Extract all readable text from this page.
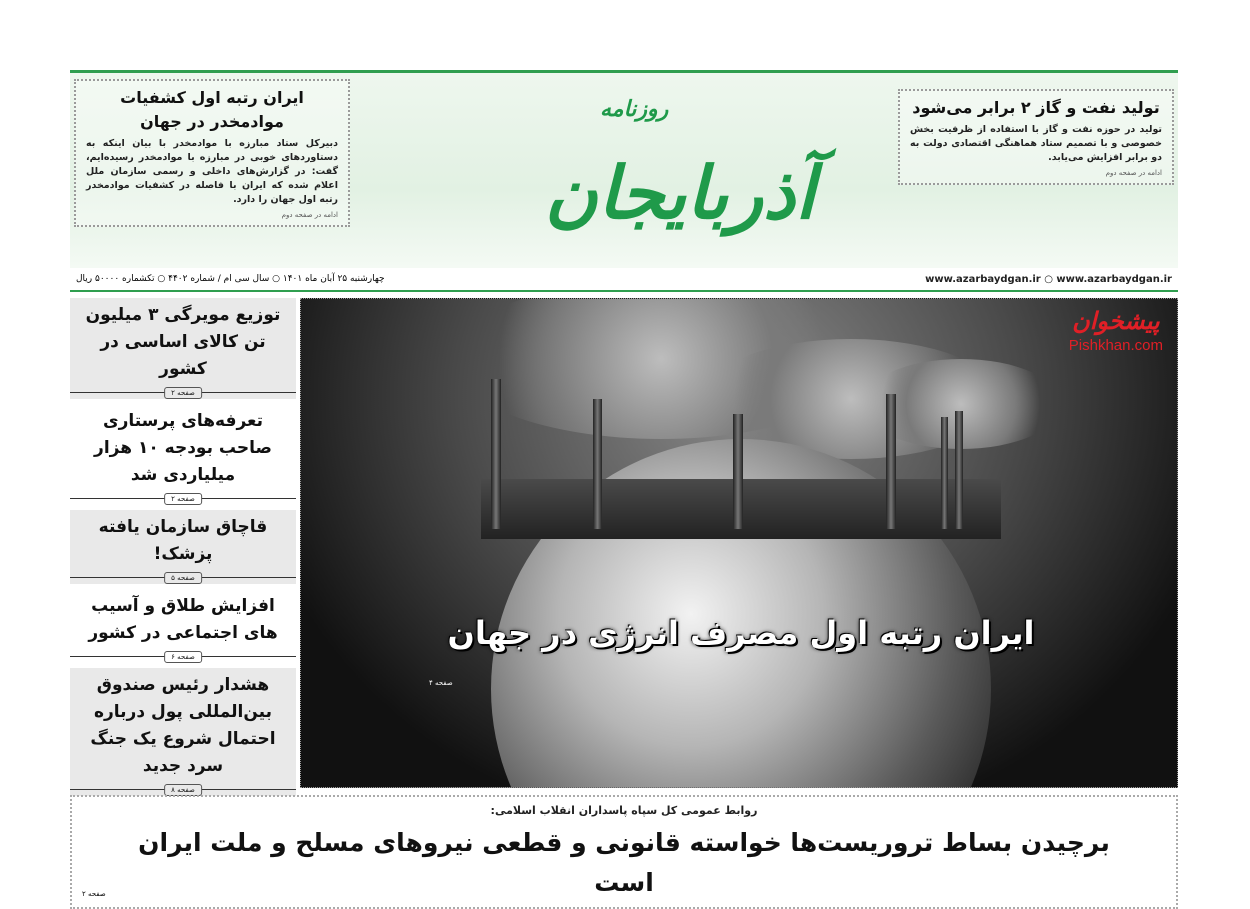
تولید نفت و گاز ۲ برابر می‌شود

تولید در حوزه نفت و گاز با استفاده از ظرفیت بخش خصوصی و با تصمیم ستاد هماهنگی اقتصادی دولت به دو برابر افزایش می‌یابد.

ادامه در صفحه دوم
آذربایجان
روزنامه
ایران رتبه اول کشفیات موادمخدر در جهان

دبیرکل ستاد مبارزه با موادمخدر با بیان اینکه به دستاوردهای خوبی در مبارزه با موادمخدر رسیده‌ایم، گفت: در گزارش‌های داخلی و رسمی سازمان ملل اعلام شده که ایران با فاصله در کشفیات موادمخدر رتبه اول جهان را دارد.

ادامه در صفحه دوم
www.azarbaydgan.ir ○ www.azarbaydgan.ir
چهارشنبه ۲۵ آبان ماه ۱۴۰۱ ○ سال سی ام / شماره ۴۴۰۲ ○ تکشماره ۵۰۰۰۰ ریال
توزیع مویرگی ۳ میلیون تن کالای اساسی در کشور
صفحه ۲
تعرفه‌های پرستاری صاحب بودجه ۱۰ هزار میلیاردی شد
صفحه ۲
قاچاق سازمان یافته پزشک!
صفحه ۵
افزایش طلاق و آسیب های اجتماعی در کشور
صفحه ۶
هشدار رئیس صندوق بین‌المللی پول درباره احتمال شروع یک جنگ سرد جدید
صفحه ۸
ایران رتبه اول مصرف انرژی در جهان
صفحه ۴
پیشخوان
Pishkhan.com
روابط عمومی کل سپاه پاسداران انقلاب اسلامی:
برچیدن بساط تروریست‌ها خواسته قانونی و قطعی نیروهای مسلح و ملت ایران است
صفحه ۲
